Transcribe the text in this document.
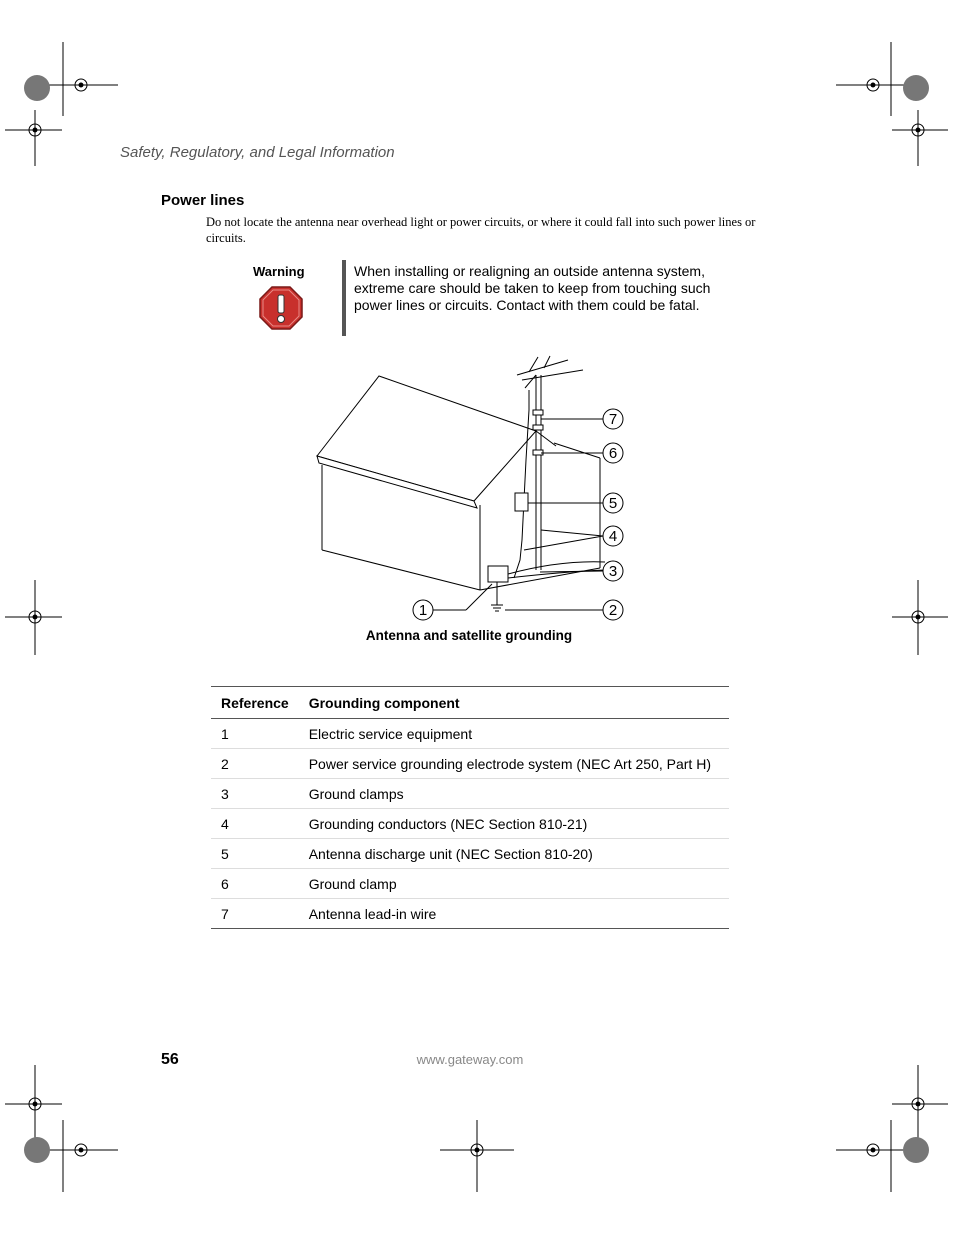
Safety, Regulatory, and Legal Information
Power lines
Do not locate the antenna near overhead light or power circuits, or where it could fall into such power lines or circuits.
Warning	When installing or realigning an outside antenna system, extreme care should be taken to keep from touching such power lines or circuits. Contact with them could be fatal.
7
6
5
4
3
2
1
Antenna and satellite grounding
Reference	Grounding component
1	Electric service equipment
2	Power service grounding electrode system (NEC Art 250, Part H)
3	Ground clamps
4	Grounding conductors (NEC Section 810-21)
5	Antenna discharge unit (NEC Section 810-20)
6	Ground clamp
7	Antenna lead-in wire
56	www.gateway.com
